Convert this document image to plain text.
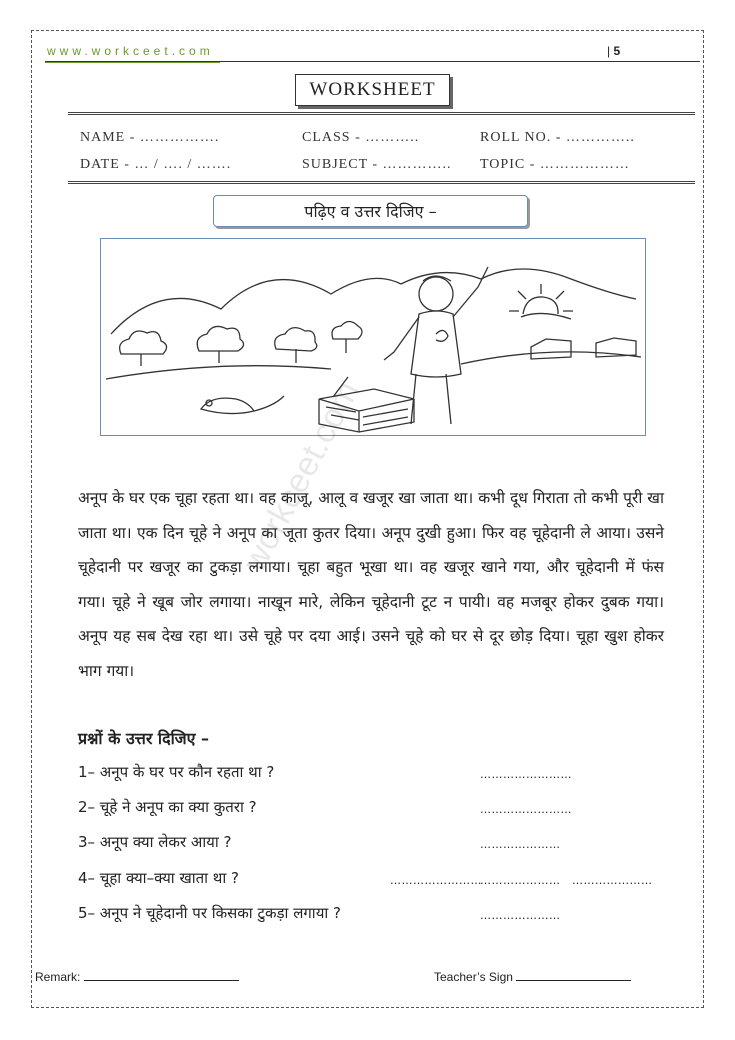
www.workceet.com
|	5
WORKSHEET
NAME - …………….	CLASS - ………..	ROLL NO. - …………..
DATE - … / …. / …….	SUBJECT - ………….. TOPIC - ………………
पढ़िए व उत्तर दिजिए –
workceet.com
अनूप के घर एक चूहा रहता था। वह काजू, आलू व खजूर खा जाता था। कभी दूध गिराता तो कभी पूरी खा जाता था। एक दिन चूहे ने अनूप का जूता कुतर दिया। अनूप दुखी हुआ। फिर वह चूहेदानी ले आया। उसने चूहेदानी पर खजूर का टुकड़ा लगाया। चूहा बहुत भूखा था। वह खजूर खाने गया, और चूहेदानी में फंस गया। चूहे ने खूब जोर लगाया। नाखून मारे, लेकिन चूहेदानी टूट न पायी। वह मजबूर होकर दुबक गया। अनूप यह सब देख रहा था। उसे चूहे पर दया आई। उसने चूहे को घर से दूर छोड़ दिया। चूहा खुश होकर भाग गया।
प्रश्नों के उत्तर दिजिए –
1– अनूप के घर पर कौन रहता था ?	……………………
2– चूहे ने अनूप का क्या कुतरा ?	……………………
3– अनूप क्या लेकर आया ?	…………………
4– चूहा क्या–क्या खाता था ?	……………………
………………… …………………
5– अनूप ने चूहेदानी पर किसका टुकड़ा लगाया ?	…………………
Remark:	Teacher’s Sign
